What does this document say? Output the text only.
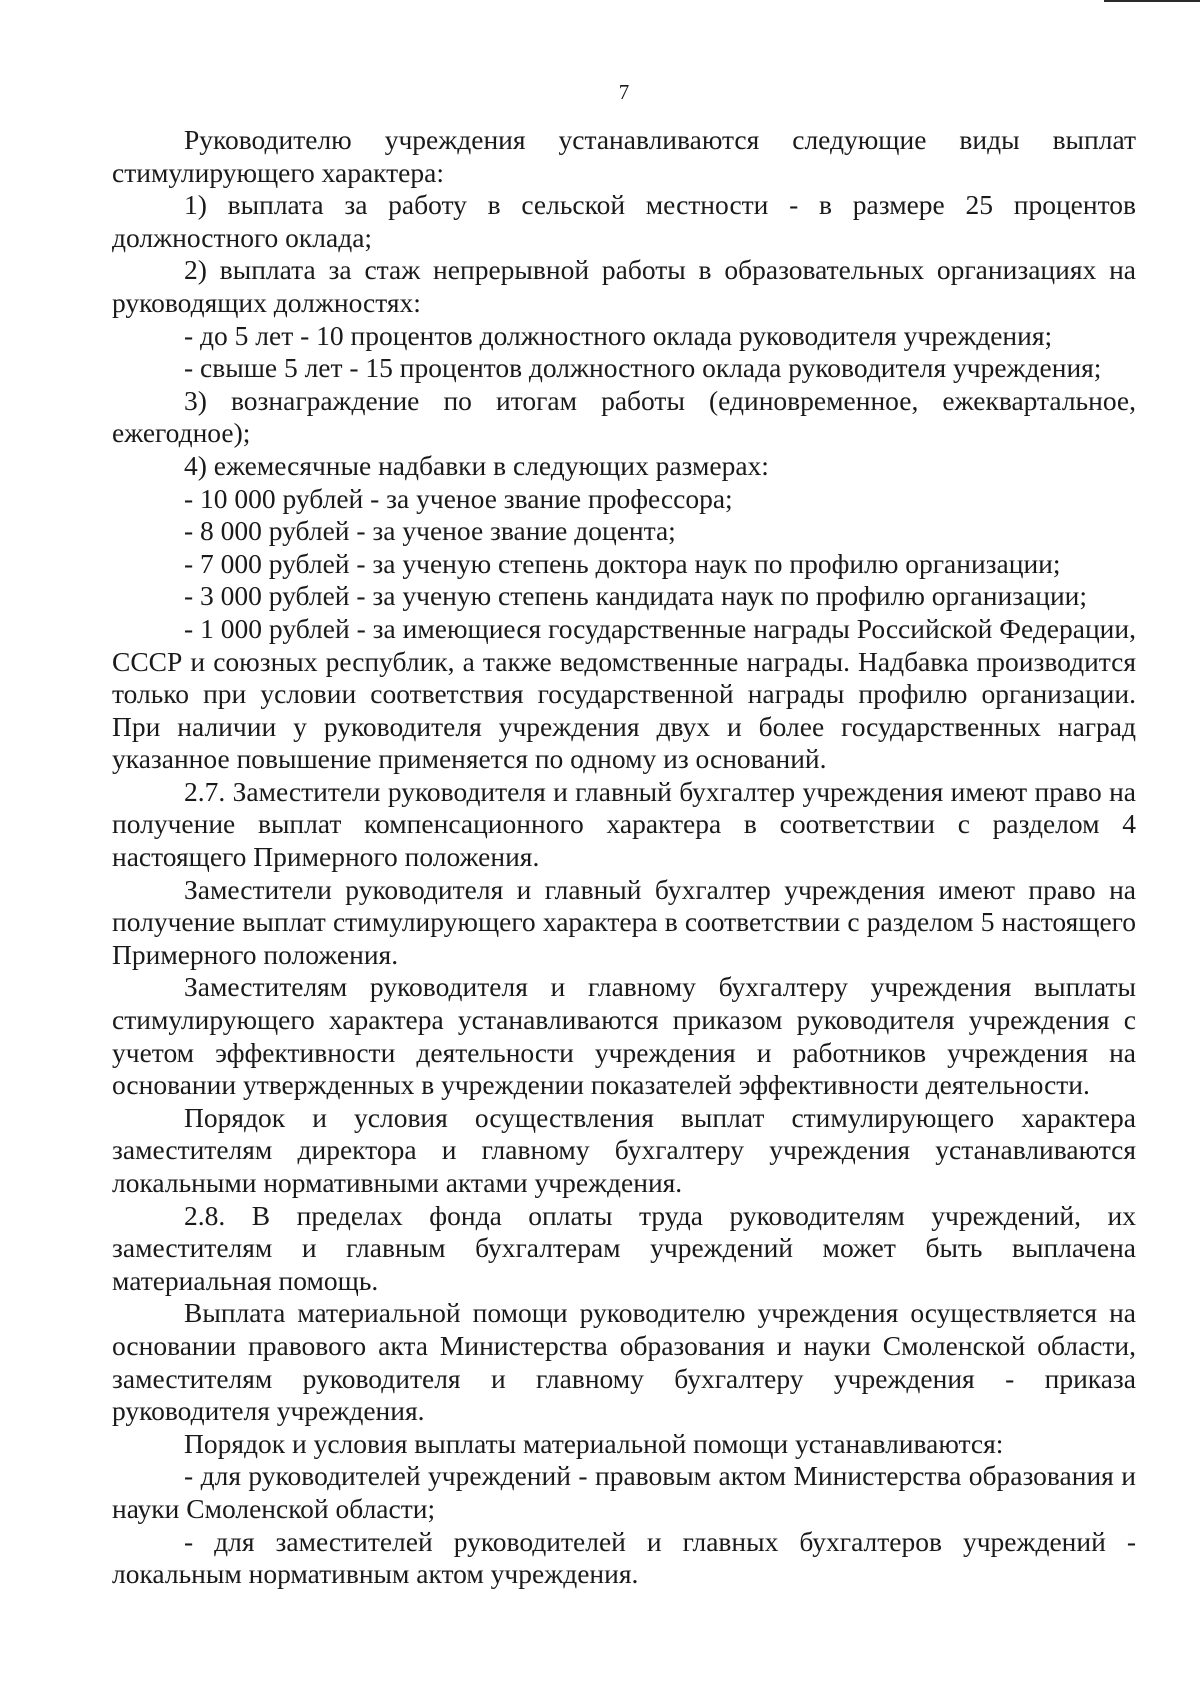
7

Руководителю учреждения устанавливаются следующие виды выплат стимулирующего характера:

1) выплата за работу в сельской местности - в размере 25 процентов должностного оклада;

2) выплата за стаж непрерывной работы в образовательных организациях на руководящих должностях:

- до 5 лет - 10 процентов должностного оклада руководителя учреждения;

- свыше 5 лет - 15 процентов должностного оклада руководителя учреждения;

3) вознаграждение по итогам работы (единовременное, ежеквартальное, ежегодное);

4) ежемесячные надбавки в следующих размерах:

- 10 000 рублей - за ученое звание профессора;

- 8 000 рублей - за ученое звание доцента;

- 7 000 рублей - за ученую степень доктора наук по профилю организации;

- 3 000 рублей - за ученую степень кандидата наук по профилю организации;

- 1 000 рублей - за имеющиеся государственные награды Российской Федерации, СССР и союзных республик, а также ведомственные награды. Надбавка производится только при условии соответствия государственной награды профилю организации. При наличии у руководителя учреждения двух и более государственных наград указанное повышение применяется по одному из оснований.

2.7. Заместители руководителя и главный бухгалтер учреждения имеют право на получение выплат компенсационного характера в соответствии с разделом 4 настоящего Примерного положения.

Заместители руководителя и главный бухгалтер учреждения имеют право на получение выплат стимулирующего характера в соответствии с разделом 5 настоящего Примерного положения.

Заместителям руководителя и главному бухгалтеру учреждения выплаты стимулирующего характера устанавливаются приказом руководителя учреждения с учетом эффективности деятельности учреждения и работников учреждения на основании утвержденных в учреждении показателей эффективности деятельности.

Порядок и условия осуществления выплат стимулирующего характера заместителям директора и главному бухгалтеру учреждения устанавливаются локальными нормативными актами учреждения.

2.8. В пределах фонда оплаты труда руководителям учреждений, их заместителям и главным бухгалтерам учреждений может быть выплачена материальная помощь.

Выплата материальной помощи руководителю учреждения осуществляется на основании правового акта Министерства образования и науки Смоленской области, заместителям руководителя и главному бухгалтеру учреждения - приказа руководителя учреждения.

Порядок и условия выплаты материальной помощи устанавливаются:

- для руководителей учреждений - правовым актом Министерства образования и науки Смоленской области;

- для заместителей руководителей и главных бухгалтеров учреждений - локальным нормативным актом учреждения.
